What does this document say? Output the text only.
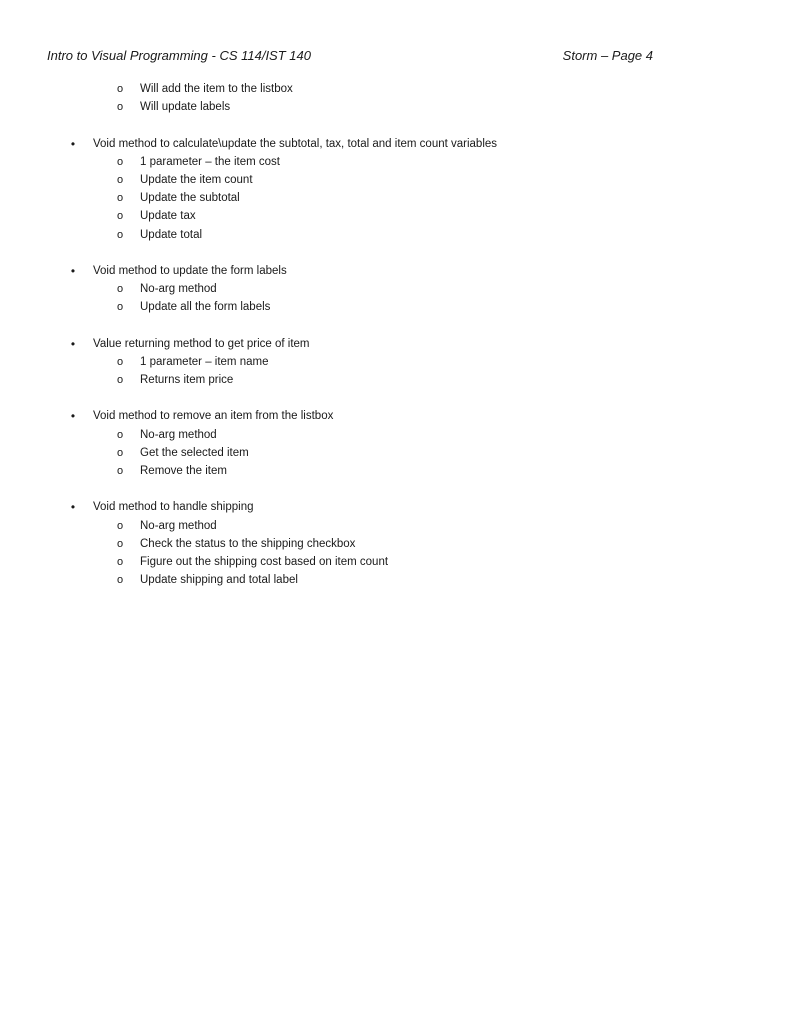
Intro to Visual Programming - CS 114/IST 140	Storm – Page 4
o Will add the item to the listbox
o Will update labels
• Void method to calculate\update the subtotal, tax, total and item count variables
o 1 parameter – the item cost
o Update the item count
o Update the subtotal
o Update tax
o Update total
• Void method to update the form labels
o No-arg method
o Update all the form labels
• Value returning method to get price of item
o 1 parameter – item name
o Returns item price
• Void method to remove an item from the listbox
o No-arg method
o Get the selected item
o Remove the item
• Void method to handle shipping
o No-arg method
o Check the status to the shipping checkbox
o Figure out the shipping cost based on item count
o Update shipping and total label
